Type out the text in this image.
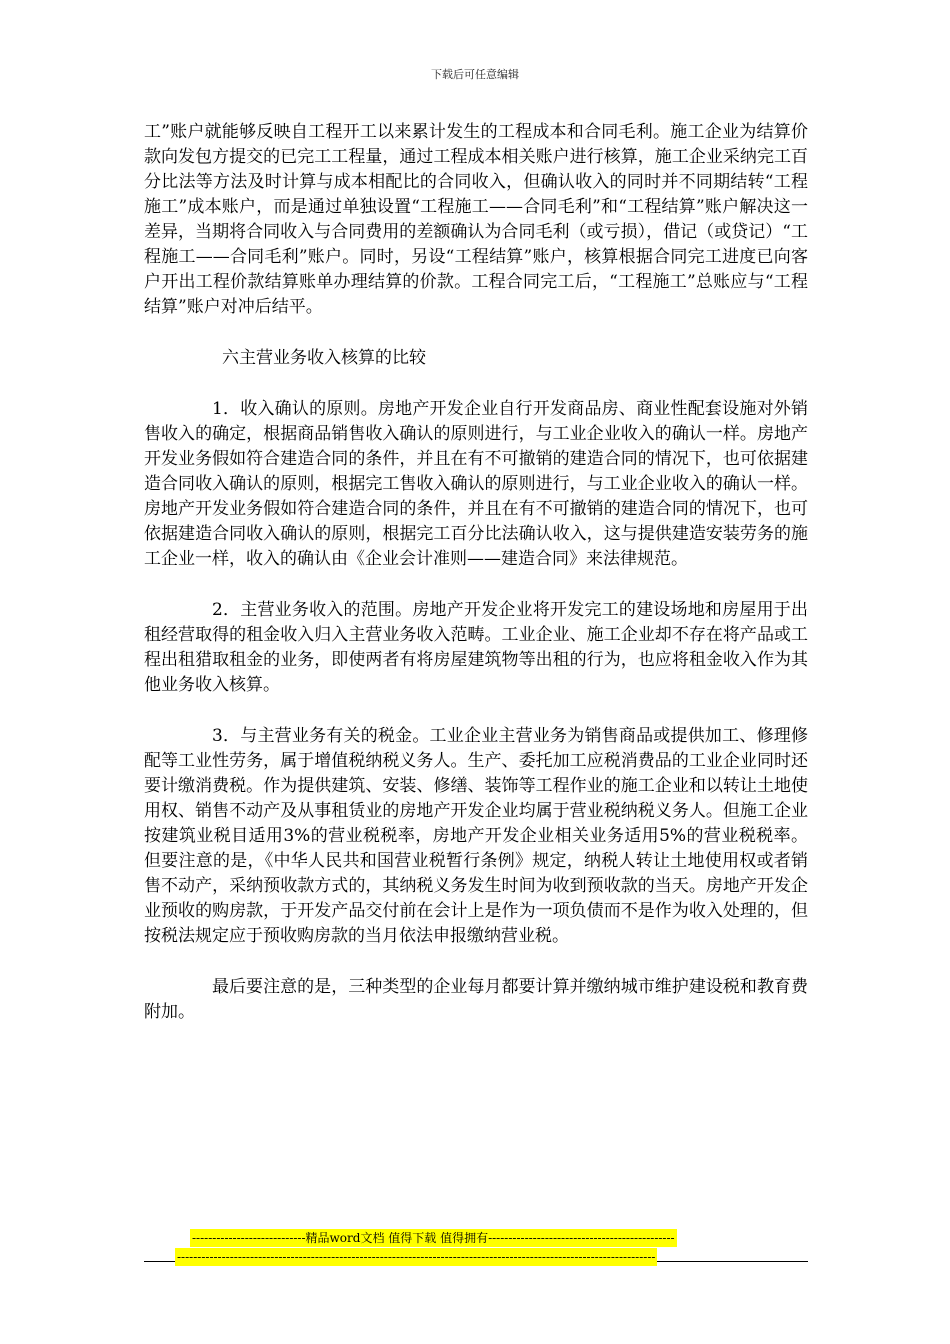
下载后可任意编辑

工”账户就能够反映自工程开工以来累计发生的工程成本和合同毛利。施工企业为结算价款向发包方提交的已完工工程量，通过工程成本相关账户进行核算，施工企业采纳完工百分比法等方法及时计算与成本相配比的合同收入，但确认收入的同时并不同期结转“工程施工”成本账户，而是通过单独设置“工程施工——合同毛利”和“工程结算”账户解决这一差异，当期将合同收入与合同费用的差额确认为合同毛利（或亏损），借记（或贷记）“工程施工——合同毛利”账户。同时，另设“工程结算”账户，核算根据合同完工进度已向客户开出工程价款结算账单办理结算的价款。工程合同完工后，“工程施工”总账应与“工程结算”账户对冲后结平。

六主营业务收入核算的比较

1．收入确认的原则。房地产开发企业自行开发商品房、商业性配套设施对外销售收入的确定，根据商品销售收入确认的原则进行，与工业企业收入的确认一样。房地产开发业务假如符合建造合同的条件，并且在有不可撤销的建造合同的情况下，也可依据建造合同收入确认的原则，根据完工售收入确认的原则进行，与工业企业收入的确认一样。房地产开发业务假如符合建造合同的条件，并且在有不可撤销的建造合同的情况下，也可依据建造合同收入确认的原则，根据完工百分比法确认收入，这与提供建造安装劳务的施工企业一样，收入的确认由《企业会计准则——建造合同》来法律规范。

2．主营业务收入的范围。房地产开发企业将开发完工的建设场地和房屋用于出租经营取得的租金收入归入主营业务收入范畴。工业企业、施工企业却不存在将产品或工程出租猎取租金的业务，即使两者有将房屋建筑物等出租的行为，也应将租金收入作为其他业务收入核算。

3．与主营业务有关的税金。工业企业主营业务为销售商品或提供加工、修理修配等工业性劳务，属于增值税纳税义务人。生产、委托加工应税消费品的工业企业同时还要计缴消费税。作为提供建筑、安装、修缮、装饰等工程作业的施工企业和以转让土地使用权、销售不动产及从事租赁业的房地产开发企业均属于营业税纳税义务人。但施工企业按建筑业税目适用3%的营业税税率，房地产开发企业相关业务适用5%的营业税税率。但要注意的是，《中华人民共和国营业税暂行条例》规定，纳税人转让土地使用权或者销售不动产，采纳预收款方式的，其纳税义务发生时间为收到预收款的当天。房地产开发企业预收的购房款，于开发产品交付前在会计上是作为一项负债而不是作为收入处理的，但按税法规定应于预收购房款的当月依法申报缴纳营业税。

最后要注意的是，三种类型的企业每月都要计算并缴纳城市维护建设税和教育费附加。

----------------------------精品word文档 值得下载 值得拥有----------------------------------------------
----------------------------------------------------------------------------------------------------------------------
